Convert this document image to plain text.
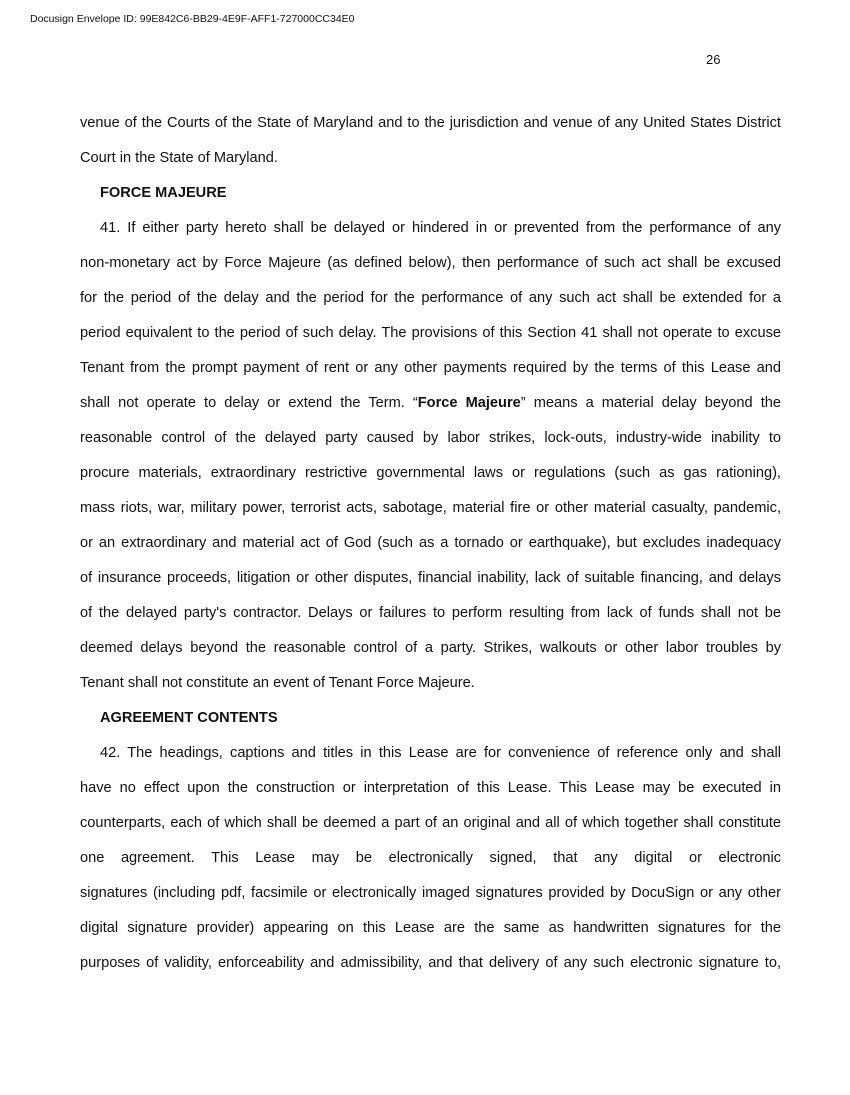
Docusign Envelope ID: 99E842C6-BB29-4E9F-AFF1-727000CC34E0
26
venue of the Courts of the State of Maryland and to the jurisdiction and venue of any United States District
Court in the State of Maryland.
FORCE MAJEURE
41. If either party hereto shall be delayed or hindered in or prevented from the performance of any
non-monetary act by Force Majeure (as defined below), then performance of such act shall be excused
for the period of the delay and the period for the performance of any such act shall be extended for a
period equivalent to the period of such delay. The provisions of this Section 41 shall not operate to excuse
Tenant from the prompt payment of rent or any other payments required by the terms of this Lease and
shall not operate to delay or extend the Term. “Force Majeure” means a material delay beyond the
reasonable control of the delayed party caused by labor strikes, lock-outs, industry-wide inability to
procure materials, extraordinary restrictive governmental laws or regulations (such as gas rationing),
mass riots, war, military power, terrorist acts, sabotage, material fire or other material casualty, pandemic,
or an extraordinary and material act of God (such as a tornado or earthquake), but excludes inadequacy
of insurance proceeds, litigation or other disputes, financial inability, lack of suitable financing, and delays
of the delayed party's contractor. Delays or failures to perform resulting from lack of funds shall not be
deemed delays beyond the reasonable control of a party. Strikes, walkouts or other labor troubles by
Tenant shall not constitute an event of Tenant Force Majeure.
AGREEMENT CONTENTS
42. The headings, captions and titles in this Lease are for convenience of reference only and shall
have no effect upon the construction or interpretation of this Lease. This Lease may be executed in
counterparts, each of which shall be deemed a part of an original and all of which together shall constitute
one agreement. This Lease may be electronically signed, that any digital or electronic
signatures (including pdf, facsimile or electronically imaged signatures provided by DocuSign or any other
digital signature provider) appearing on this Lease are the same as handwritten signatures for the
purposes of validity, enforceability and admissibility, and that delivery of any such electronic signature to,
